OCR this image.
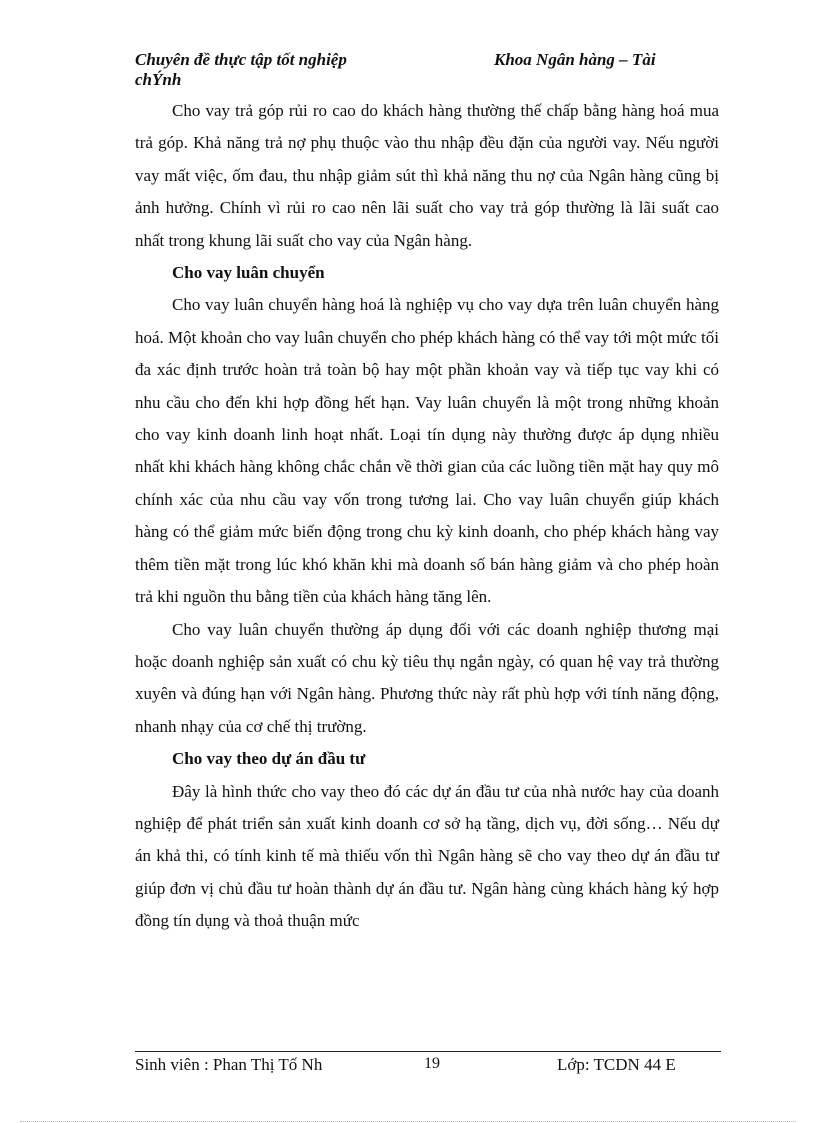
Chuyên đề thực tập tốt nghiệp
chÝnh
Khoa Ngân hàng – Tài

Cho vay trả góp rủi ro cao do khách hàng thường thế chấp bằng hàng hoá mua trả góp. Khả năng trả nợ phụ thuộc vào thu nhập đều đặn của người vay. Nếu người vay mất việc, ốm đau, thu nhập giảm sút thì khả năng thu nợ của Ngân hàng cũng bị ảnh hưởng. Chính vì rủi ro cao nên lãi suất cho vay trả góp thường là lãi suất cao nhất trong khung lãi suất cho vay của Ngân hàng.

Cho vay luân chuyển

Cho vay luân chuyển hàng hoá là nghiệp vụ cho vay dựa trên luân chuyển hàng hoá. Một khoản cho vay luân chuyển cho phép khách hàng có thể vay tới một mức tối đa xác định trước hoàn trả toàn bộ hay một phần khoản vay và tiếp tục vay khi có nhu cầu cho đến khi hợp đồng hết hạn. Vay luân chuyển là một trong những khoản cho vay kinh doanh linh hoạt nhất. Loại tín dụng này thường được áp dụng nhiều nhất khi khách hàng không chắc chắn về thời gian của các luồng tiền mặt hay quy mô chính xác của nhu cầu vay vốn trong tương lai. Cho vay luân chuyển giúp khách hàng có thể giảm mức biến động trong chu kỳ kinh doanh, cho phép khách hàng vay thêm tiền mặt trong lúc khó khăn khi mà doanh số bán hàng giảm và cho phép hoàn trả khi nguồn thu bằng tiền của khách hàng tăng lên.

Cho vay luân chuyển thường áp dụng đối với các doanh nghiệp thương mại hoặc doanh nghiệp sản xuất có chu kỳ tiêu thụ ngắn ngày, có quan hệ vay trả thường xuyên và đúng hạn với Ngân hàng. Phương thức này rất phù hợp với tính năng động, nhanh nhạy của cơ chế thị trường.

Cho vay theo dự án đầu tư

Đây là hình thức cho vay theo đó các dự án đầu tư của nhà nước hay của doanh nghiệp để phát triển sản xuất kinh doanh cơ sở hạ tầng, dịch vụ, đời sống… Nếu dự án khả thi, có tính kinh tế mà thiếu vốn thì Ngân hàng sẽ cho vay theo dự án đầu tư giúp đơn vị chủ đầu tư hoàn thành dự án đầu tư. Ngân hàng cùng khách hàng ký hợp đồng tín dụng và thoả thuận mức

Sinh viên : Phan Thị Tố Nh	19	Lớp: TCDN 44 E
